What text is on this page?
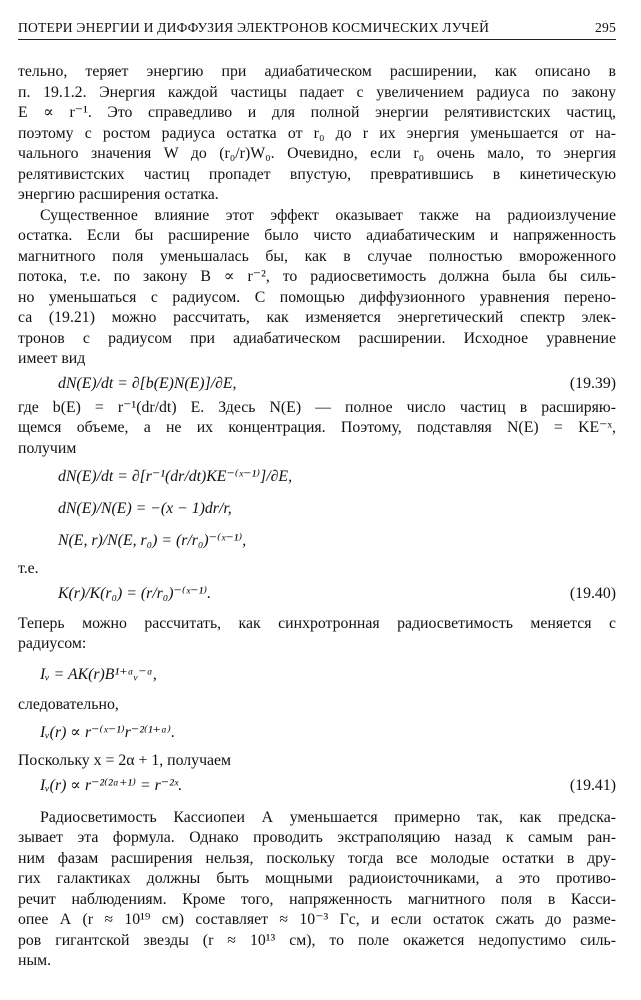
ПОТЕРИ ЭНЕРГИИ И ДИФФУЗИЯ ЭЛЕКТРОНОВ КОСМИЧЕСКИХ ЛУЧЕЙ	295
тельно, теряет энергию при адиабатическом расширении, как описано в
п. 19.1.2. Энергия каждой частицы падает с увеличением радиуса по закону
E ∝ r⁻¹. Это справедливо и для полной энергии релятивистских частиц,
поэтому с ростом радиуса остатка от r₀ до r их энергия уменьшается от на-
чального значения W до (r₀/r)W₀. Очевидно, если r₀ очень мало, то энергия
релятивистских частиц пропадет впустую, превратившись в кинетическую
энергию расширения остатка.
Существенное влияние этот эффект оказывает также на радиоизлучение
остатка. Если бы расширение было чисто адиабатическим и напряженность
магнитного поля уменьшалась бы, как в случае полностью вмороженного
потока, т.е. по закону B ∝ r⁻², то радиосветимость должна была бы силь-
но уменьшаться с радиусом. С помощью диффузионного уравнения перено-
са (19.21) можно рассчитать, как изменяется энергетический спектр элек-
тронов с радиусом при адиабатическом расширении. Исходное уравнение
имеет вид
dN(E)/dt = ∂[b(E)N(E)]/∂E,	(19.39)
где b(E) = r⁻¹(dr/dt) E. Здесь N(E) — полное число частиц в расширяю-
щемся объеме, а не их концентрация. Поэтому, подставляя N(E) = KE⁻ˣ,
получим
dN(E)/dt = ∂[r⁻¹(dr/dt)KE⁻⁽ˣ⁻¹⁾]/∂E,
dN(E)/N(E) = −(x − 1)dr/r,
N(E, r)/N(E, r₀) = (r/r₀)⁻⁽ˣ⁻¹⁾,
т.е.
K(r)/K(r₀) = (r/r₀)⁻⁽ˣ⁻¹⁾.	(19.40)
Теперь можно рассчитать, как синхротронная радиосветимость меняется с
радиусом:
Iᵥ = AK(r)B¹⁺ᵅᵥ⁻ᵅ,
следовательно,
Iᵥ(r) ∝ r⁻⁽ˣ⁻¹⁾r⁻²⁽¹⁺ᵅ⁾.
Поскольку x = 2α + 1, получаем
Iᵥ(r) ∝ r⁻²⁽²ᵅ⁺¹⁾ = r⁻²ˣ.	(19.41)
Радиосветимость Кассиопеи А уменьшается примерно так, как предска-
зывает эта формула. Однако проводить экстраполяцию назад к самым ран-
ним фазам расширения нельзя, поскольку тогда все молодые остатки в дру-
гих галактиках должны быть мощными радиоисточниками, а это противо-
речит наблюдениям. Кроме того, напряженность магнитного поля в Касси-
опее А (r ≈ 10¹⁹ см) составляет ≈ 10⁻³ Гс, и если остаток сжать до разме-
ров гигантской звезды (r ≈ 10¹³ см), то поле окажется недопустимо силь-
ным.
